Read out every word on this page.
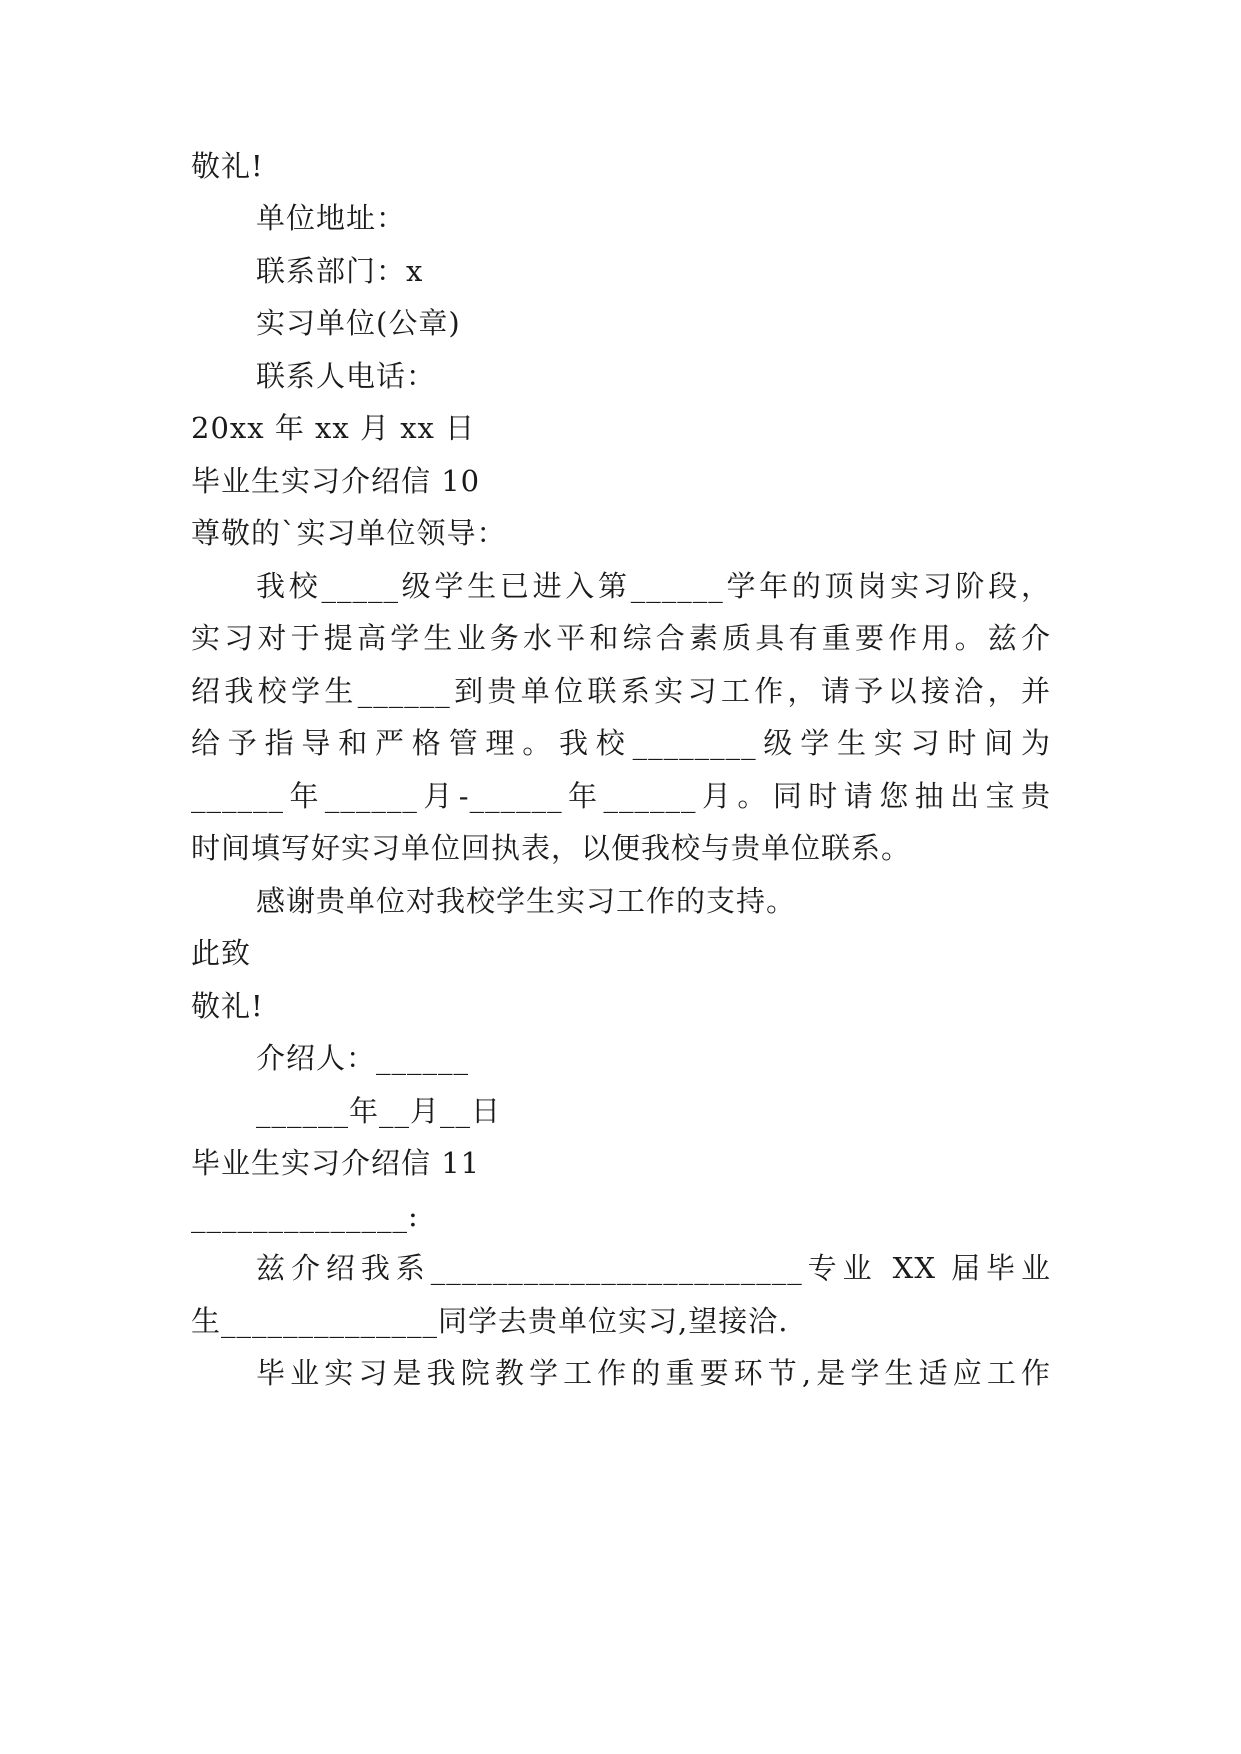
敬礼!
单位地址：
联系部门：x
实习单位(公章)
联系人电话：
20xx 年 xx 月 xx 日
毕业生实习介绍信 10
尊敬的`实习单位领导：
我校_____级学生已进入第______学年的顶岗实习阶段，
实习对于提高学生业务水平和综合素质具有重要作用。兹介
绍我校学生______到贵单位联系实习工作，请予以接洽，并
给予指导和严格管理。我校________级学生实习时间为
______年______月-______年______月。同时请您抽出宝贵
时间填写好实习单位回执表，以便我校与贵单位联系。
感谢贵单位对我校学生实习工作的支持。
此致
敬礼!
介绍人：______
______年__月__日
毕业生实习介绍信 11
______________:
兹介绍我系________________________专业 XX 届毕业
生______________同学去贵单位实习,望接洽.
毕业实习是我院教学工作的重要环节,是学生适应工作
